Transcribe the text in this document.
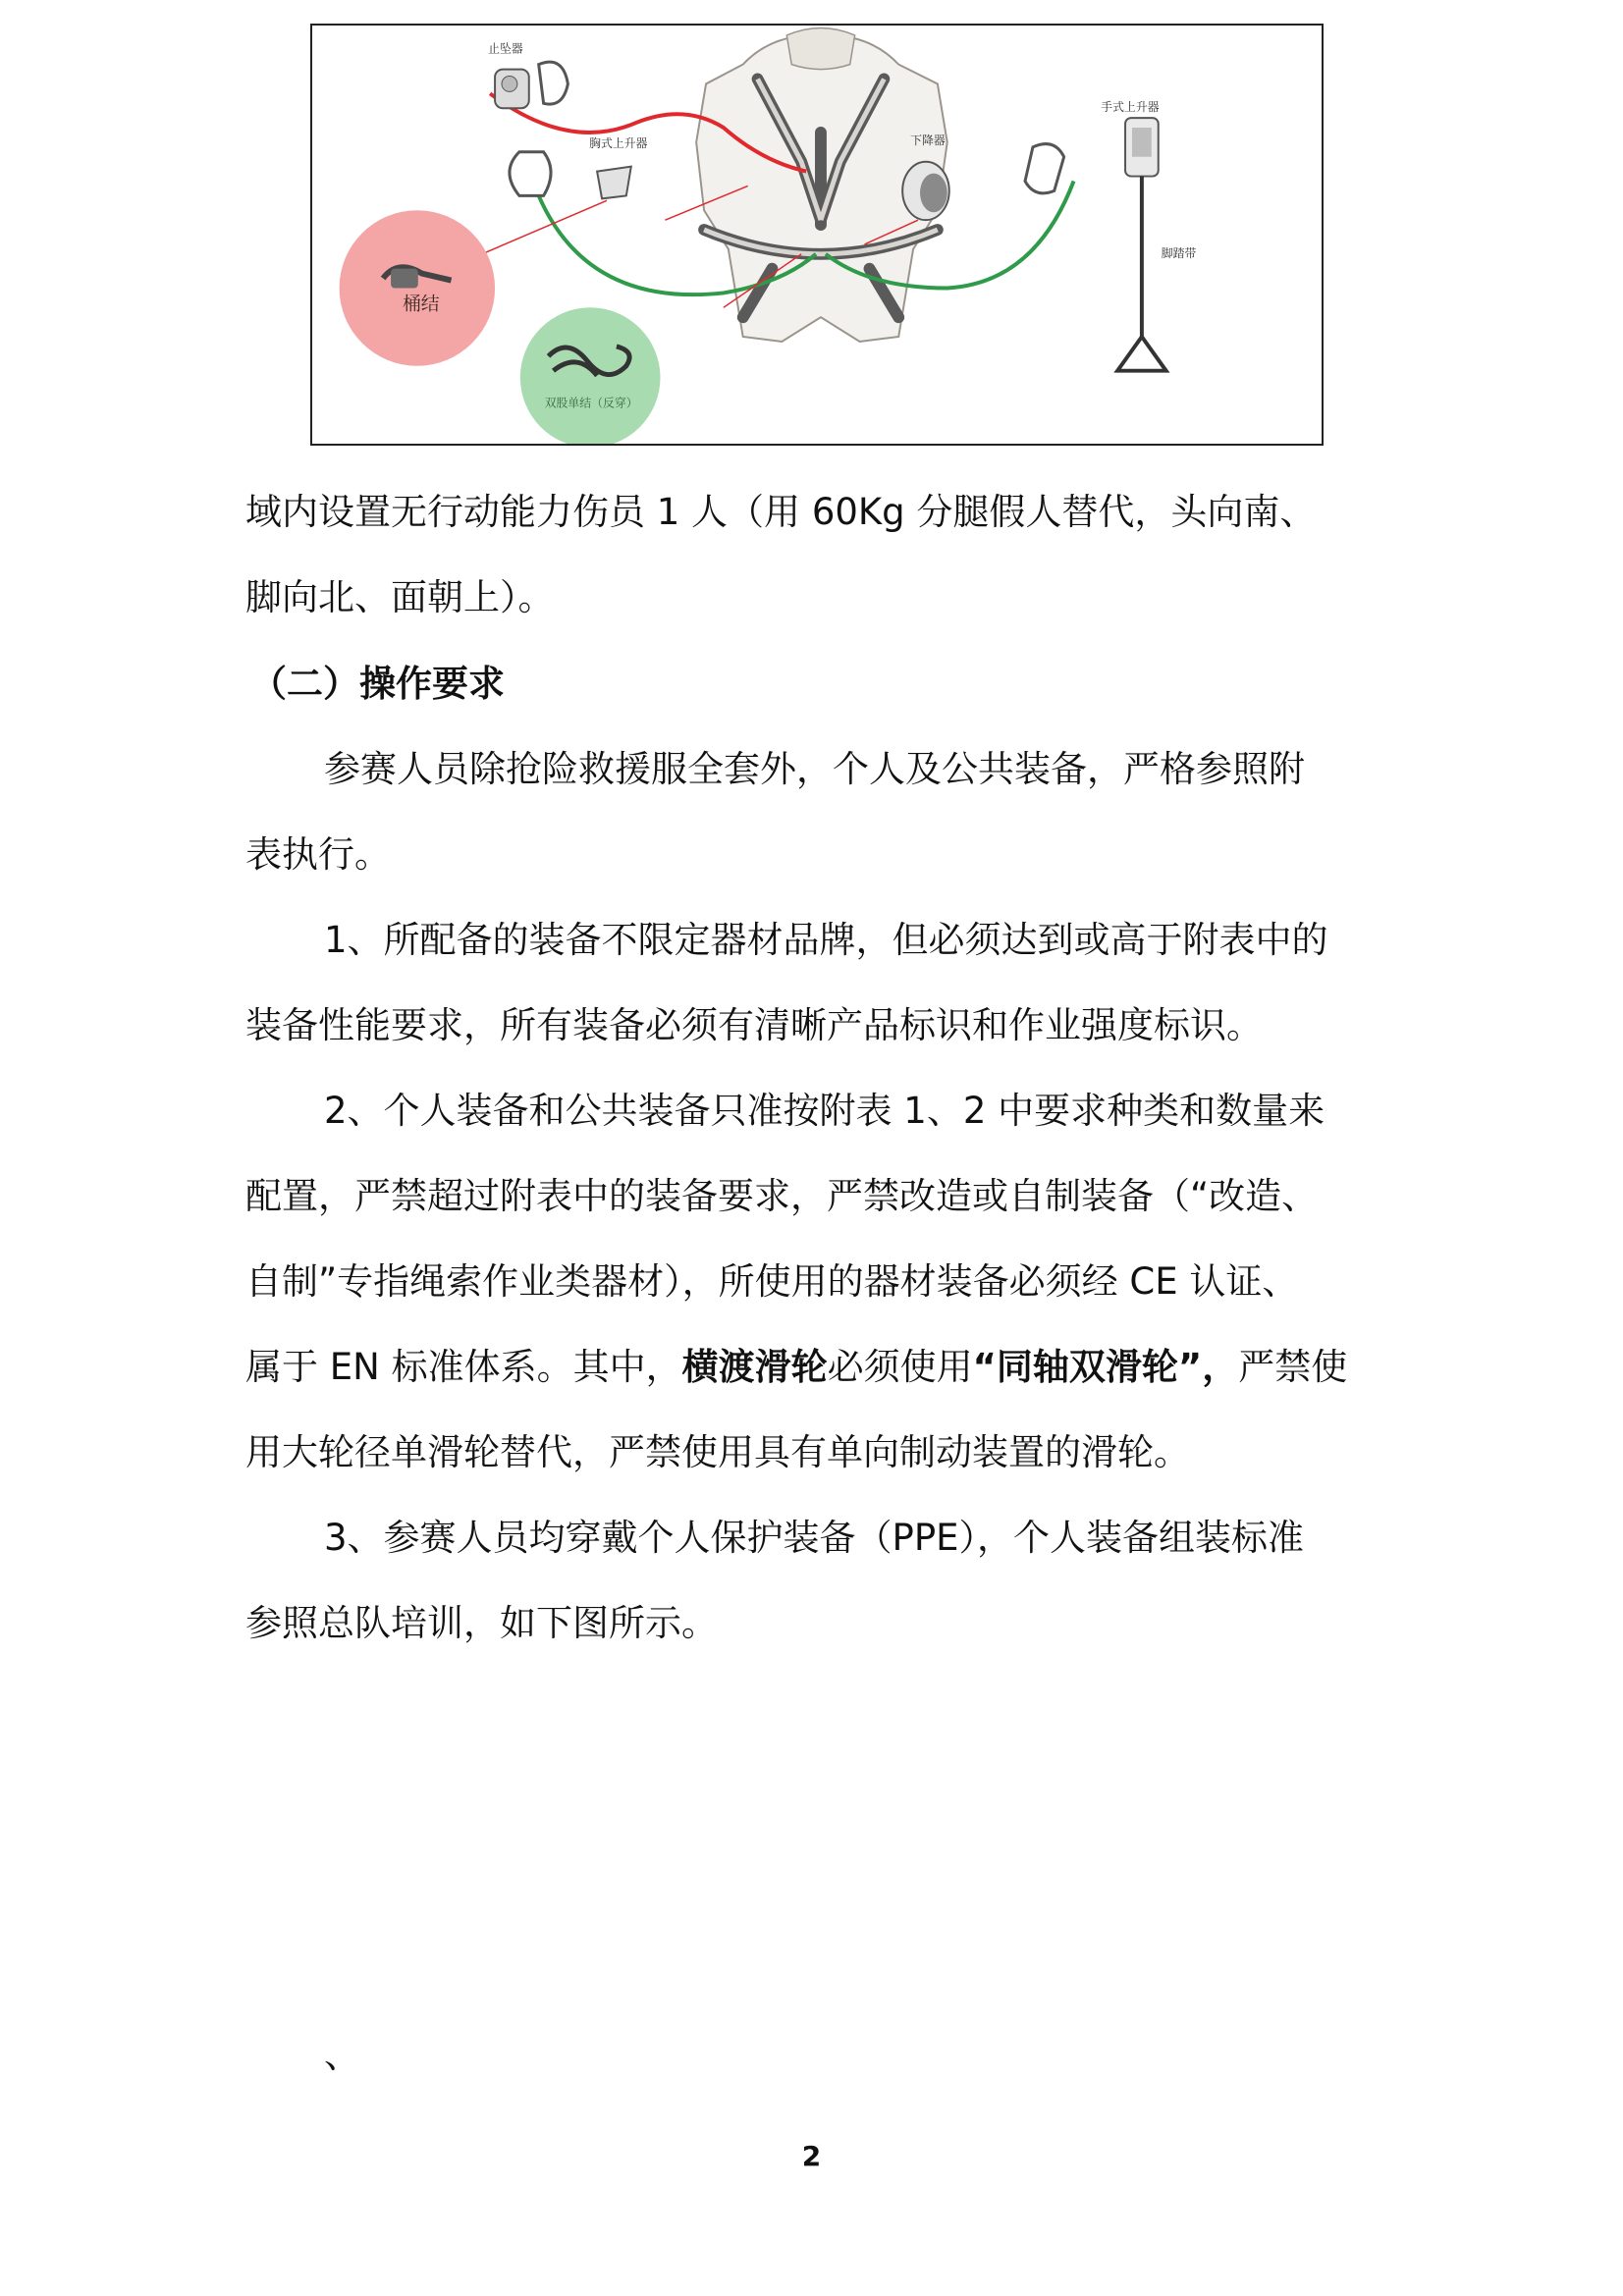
止坠器
胸式上升器	下降器
手式上升器
脚踏带
桶结
双股单结（反穿）
域内设置无行动能力伤员 1 人（用 60Kg 分腿假人替代，头向南、
脚向北、面朝上）。
（二）操作要求
参赛人员除抢险救援服全套外，个人及公共装备，严格参照附
表执行。
1、所配备的装备不限定器材品牌，但必须达到或高于附表中的
装备性能要求，所有装备必须有清晰产品标识和作业强度标识。
2、个人装备和公共装备只准按附表 1、2 中要求种类和数量来
配置，严禁超过附表中的装备要求，严禁改造或自制装备（“改造、
自制”专指绳索作业类器材），所使用的器材装备必须经 CE 认证、
属于 EN 标准体系。其中，横渡滑轮必须使用“同轴双滑轮”，严禁使
用大轮径单滑轮替代，严禁使用具有单向制动装置的滑轮。
3、参赛人员均穿戴个人保护装备（PPE），个人装备组装标准
参照总队培训，如下图所示。
、
2
